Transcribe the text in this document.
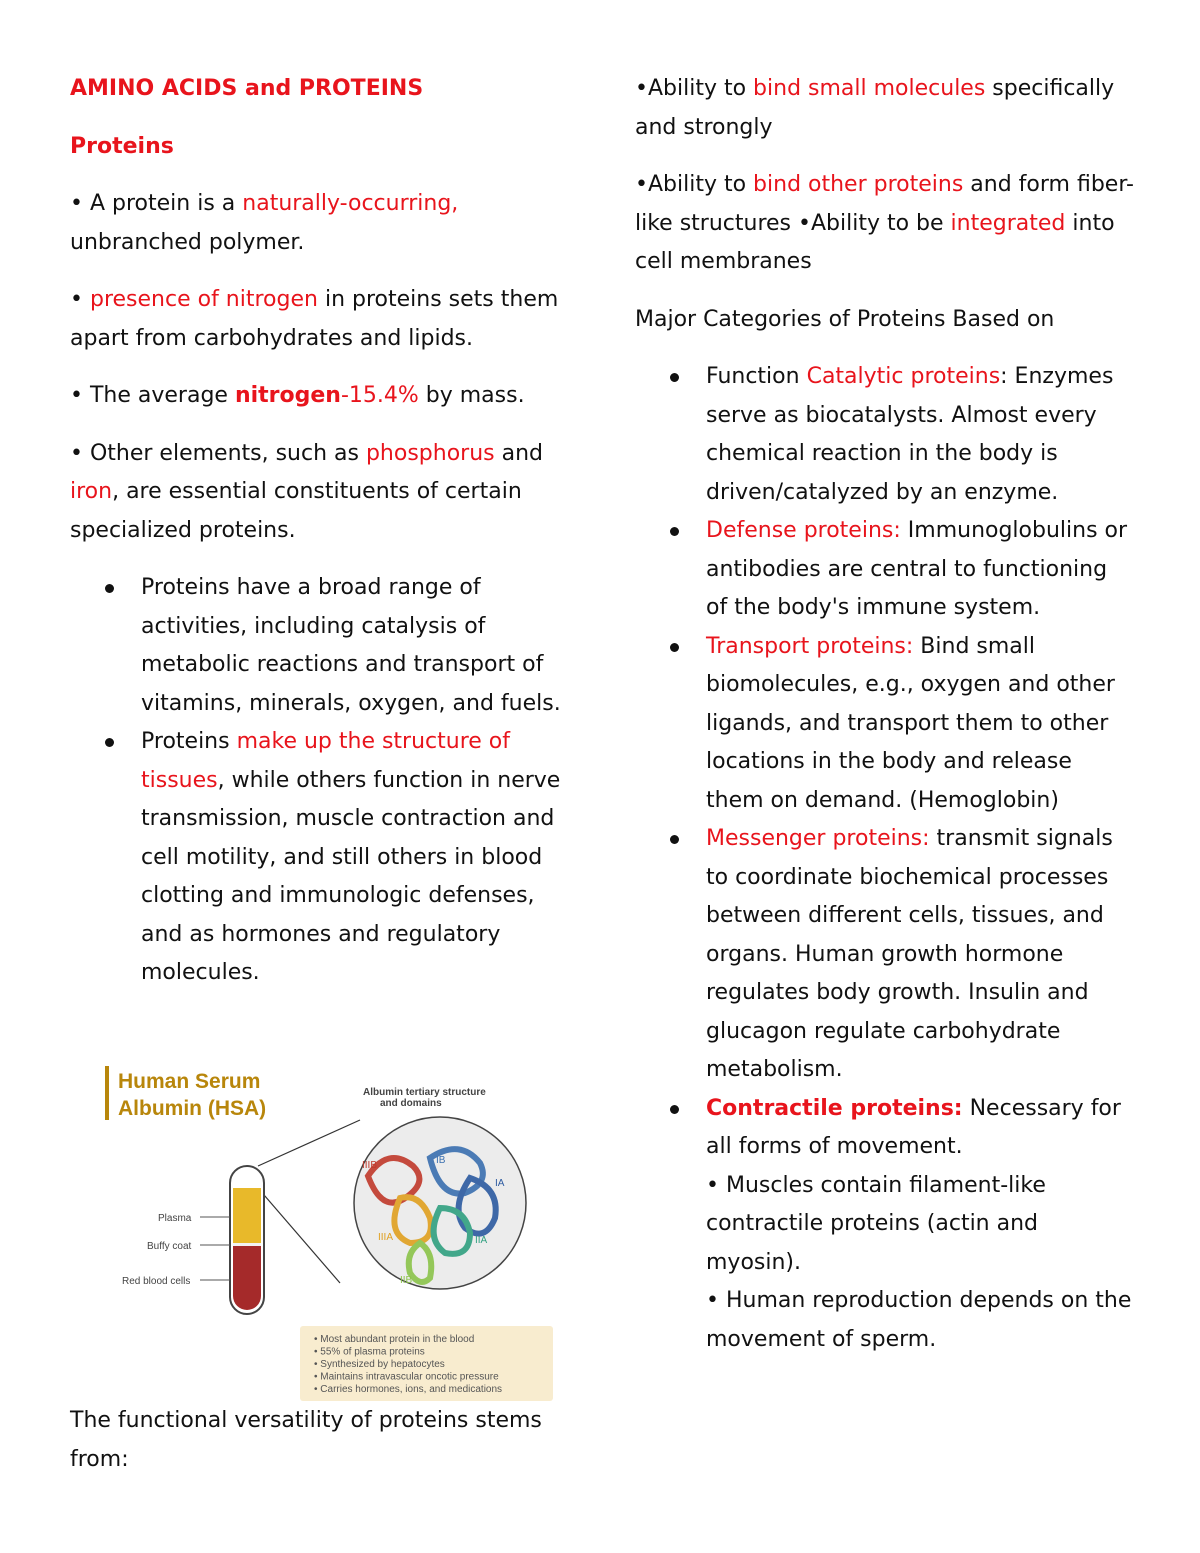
AMINO ACIDS and PROTEINS
Proteins

• A protein is a naturally-occurring, unbranched polymer.

• presence of nitrogen in proteins sets them apart from carbohydrates and lipids.

• The average nitrogen-15.4% by mass.

• Other elements, such as phosphorus and iron, are essential constituents of certain specialized proteins.

Proteins have a broad range of activities, including catalysis of metabolic reactions and transport of vitamins, minerals, oxygen, and fuels.
Proteins make up the structure of tissues, while others function in nerve transmission, muscle contraction and cell motility, and still others in blood clotting and immunologic defenses, and as hormones and regulatory molecules.
Human Serum
Albumin (HSA)
Albumin tertiary structure
and domains
IIIB	IB
IA
IIIA	IIA
IIB
Plasma
Buffy coat
Red blood cells
• Most abundant protein in the blood
• 55% of plasma proteins
• Synthesized by hepatocytes
• Maintains intravascular oncotic pressure
• Carries hormones, ions, and medications

The functional versatility of proteins stems from:

•Ability to bind small molecules specifically and strongly

•Ability to bind other proteins and form fiber-like structures •Ability to be integrated into cell membranes

Major Categories of Proteins Based on

Function Catalytic proteins: Enzymes serve as biocatalysts. Almost every chemical reaction in the body is driven/catalyzed by an enzyme.
Defense proteins: Immunoglobulins or antibodies are central to functioning of the body's immune system.
Transport proteins: Bind small biomolecules, e.g., oxygen and other ligands, and transport them to other locations in the body and release them on demand. (Hemoglobin)
Messenger proteins: transmit signals to coordinate biochemical processes between different cells, tissues, and organs. Human growth hormone regulates body growth. Insulin and glucagon regulate carbohydrate metabolism.
Contractile proteins: Necessary for all forms of movement.
• Muscles contain filament-like contractile proteins (actin and myosin).
• Human reproduction depends on the movement of sperm.
